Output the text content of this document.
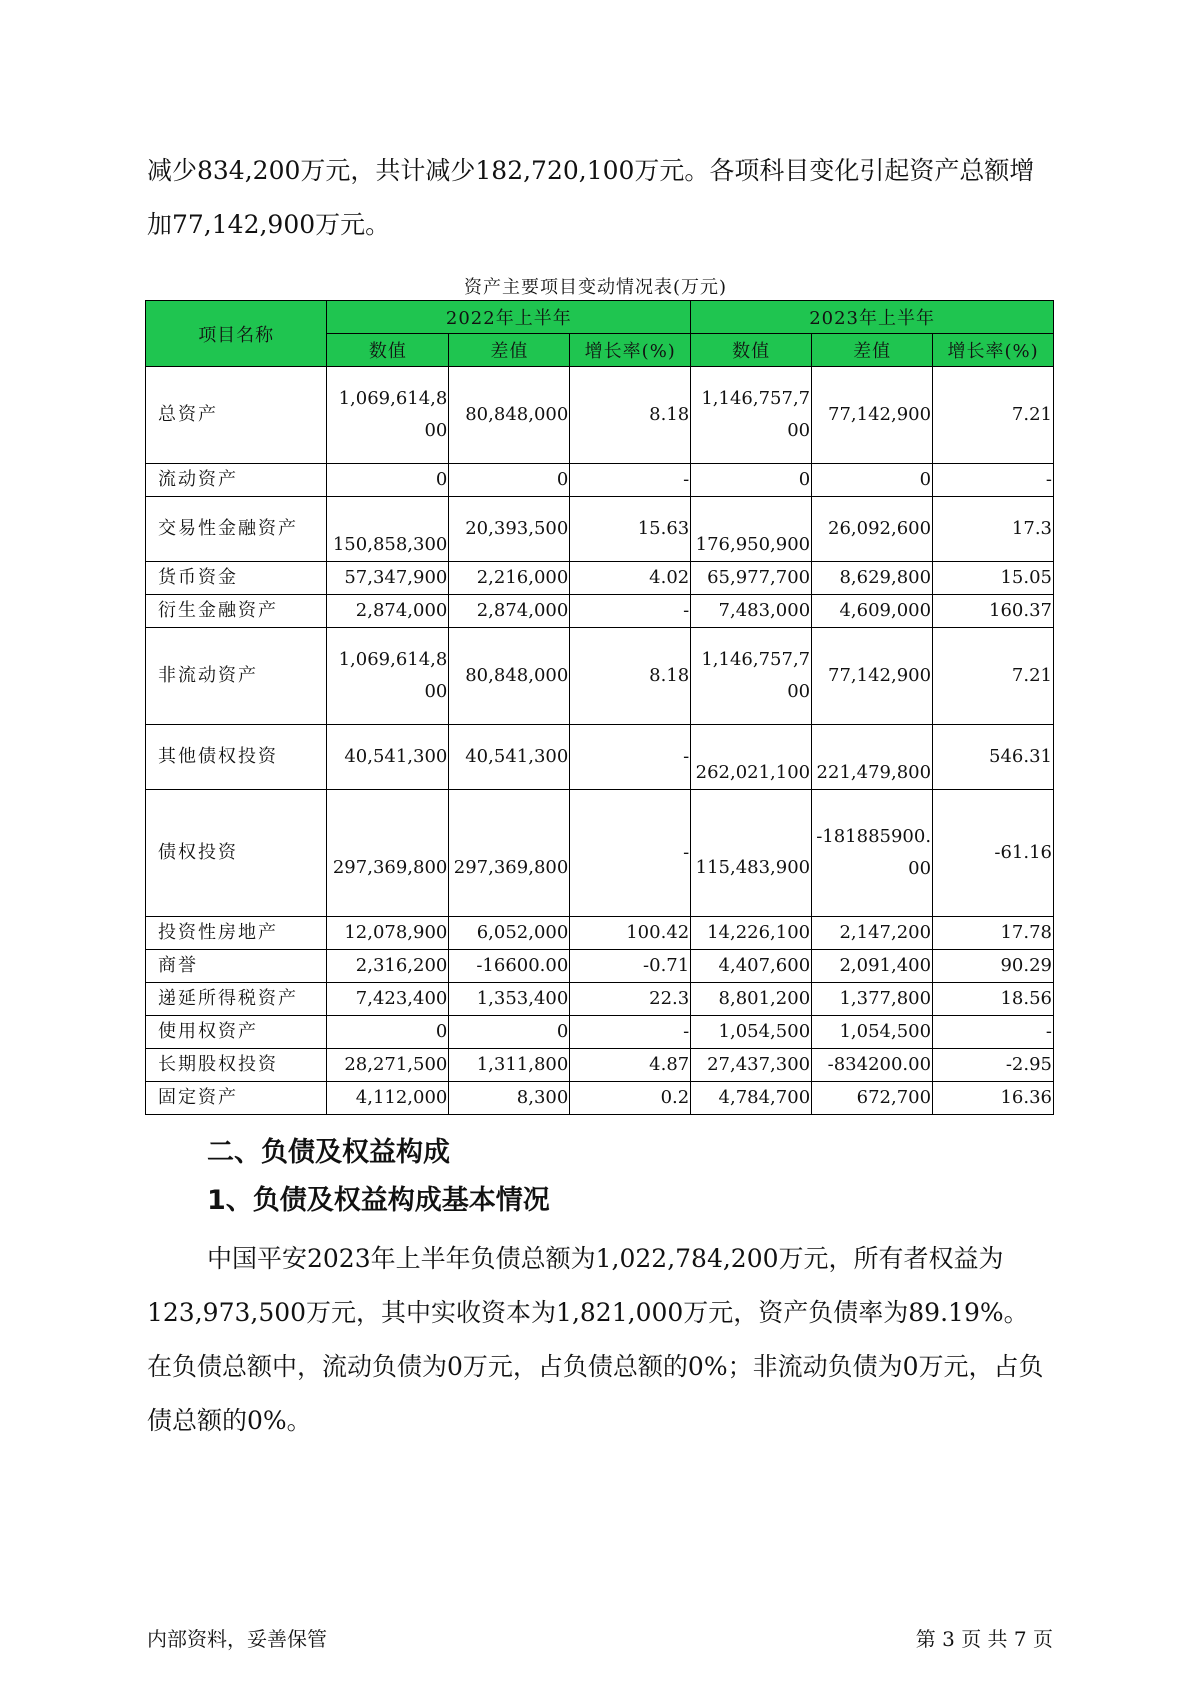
减少834,200万元，共计减少182,720,100万元。各项科目变化引起资产总额增加77,142,900万元。

资产主要项目变动情况表(万元)
项目名称	2022年上半年			2023年上半年		
	数值	差值	增长率(%)	数值	差值	增长率(%)
总资产	1,069,614,800	80,848,000	8.18	1,146,757,700	77,142,900	7.21
流动资产	0	0	-	0	0	-
交易性金融资产	150,858,300	20,393,500	15.63	176,950,900	26,092,600	17.3
货币资金	57,347,900	2,216,000	4.02	65,977,700	8,629,800	15.05
衍生金融资产	2,874,000	2,874,000	-	7,483,000	4,609,000	160.37
非流动资产	1,069,614,800	80,848,000	8.18	1,146,757,700	77,142,900	7.21
其他债权投资	40,541,300	40,541,300	-	262,021,100	221,479,800	546.31
债权投资	297,369,800	297,369,800	-	115,483,900	-181885900.00	-61.16
投资性房地产	12,078,900	6,052,000	100.42	14,226,100	2,147,200	17.78
商誉	2,316,200	-16600.00	-0.71	4,407,600	2,091,400	90.29
递延所得税资产	7,423,400	1,353,400	22.3	8,801,200	1,377,800	18.56
使用权资产	0	0	-	1,054,500	1,054,500	-
长期股权投资	28,271,500	1,311,800	4.87	27,437,300	-834200.00	-2.95
固定资产	4,112,000	8,300	0.2	4,784,700	672,700	16.36
二、负债及权益构成
1、负债及权益构成基本情况

中国平安2023年上半年负债总额为1,022,784,200万元，所有者权益为123,973,500万元，其中实收资本为1,821,000万元，资产负债率为89.19%。在负债总额中，流动负债为0万元，占负债总额的0%；非流动负债为0万元，占负债总额的0%。

内部资料，妥善保管	第 3 页 共 7 页
